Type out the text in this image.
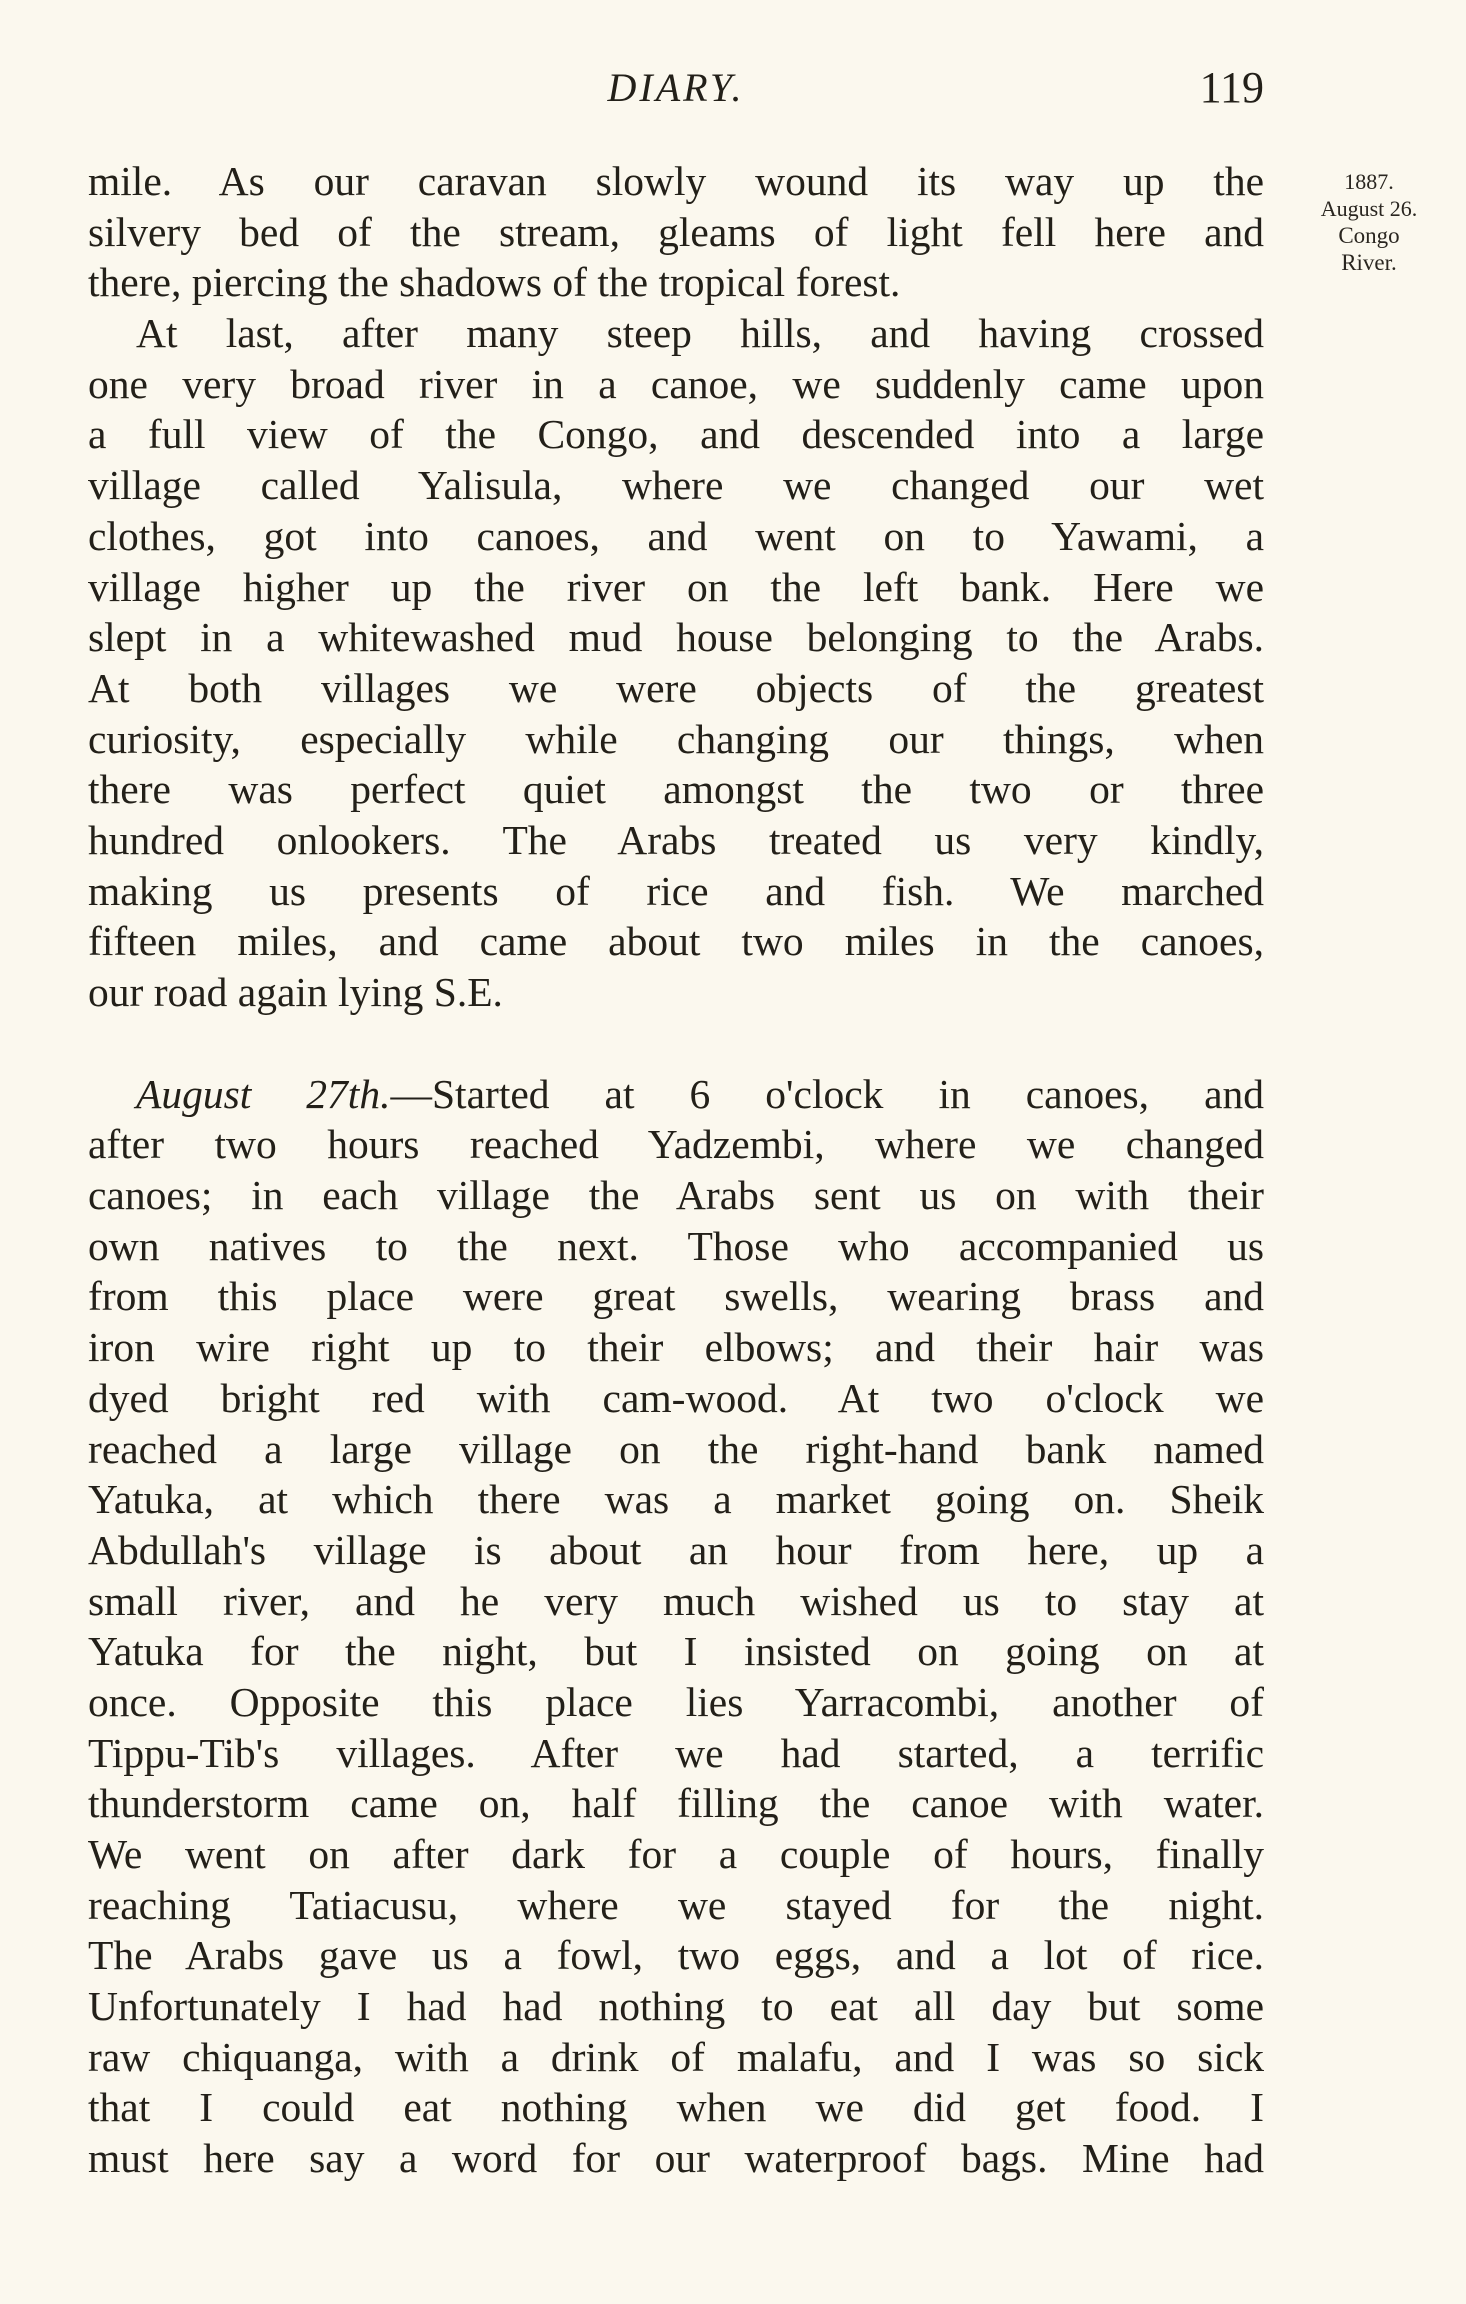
DIARY.	119
1887.
August 26.
Congo
River.
mile. As our caravan slowly wound its way up the
silvery bed of the stream, gleams of light fell here and
there, piercing the shadows of the tropical forest.
At last, after many steep hills, and having crossed
one very broad river in a canoe, we suddenly came upon
a full view of the Congo, and descended into a large
village called Yalisula, where we changed our wet
clothes, got into canoes, and went on to Yawami, a
village higher up the river on the left bank. Here we
slept in a whitewashed mud house belonging to the Arabs.
At both villages we were objects of the greatest
curiosity, especially while changing our things, when
there was perfect quiet amongst the two or three
hundred onlookers. The Arabs treated us very kindly,
making us presents of rice and fish. We marched
fifteen miles, and came about two miles in the canoes,
our road again lying S.E.
August 27th.—Started at 6 o'clock in canoes, and
after two hours reached Yadzembi, where we changed
canoes; in each village the Arabs sent us on with their
own natives to the next. Those who accompanied us
from this place were great swells, wearing brass and
iron wire right up to their elbows; and their hair was
dyed bright red with cam-wood. At two o'clock we
reached a large village on the right-hand bank named
Yatuka, at which there was a market going on. Sheik
Abdullah's village is about an hour from here, up a
small river, and he very much wished us to stay at
Yatuka for the night, but I insisted on going on at
once. Opposite this place lies Yarracombi, another of
Tippu-Tib's villages. After we had started, a terrific
thunderstorm came on, half filling the canoe with water.
We went on after dark for a couple of hours, finally
reaching Tatiacusu, where we stayed for the night.
The Arabs gave us a fowl, two eggs, and a lot of rice.
Unfortunately I had had nothing to eat all day but some
raw chiquanga, with a drink of malafu, and I was so sick
that I could eat nothing when we did get food. I
must here say a word for our waterproof bags. Mine had
